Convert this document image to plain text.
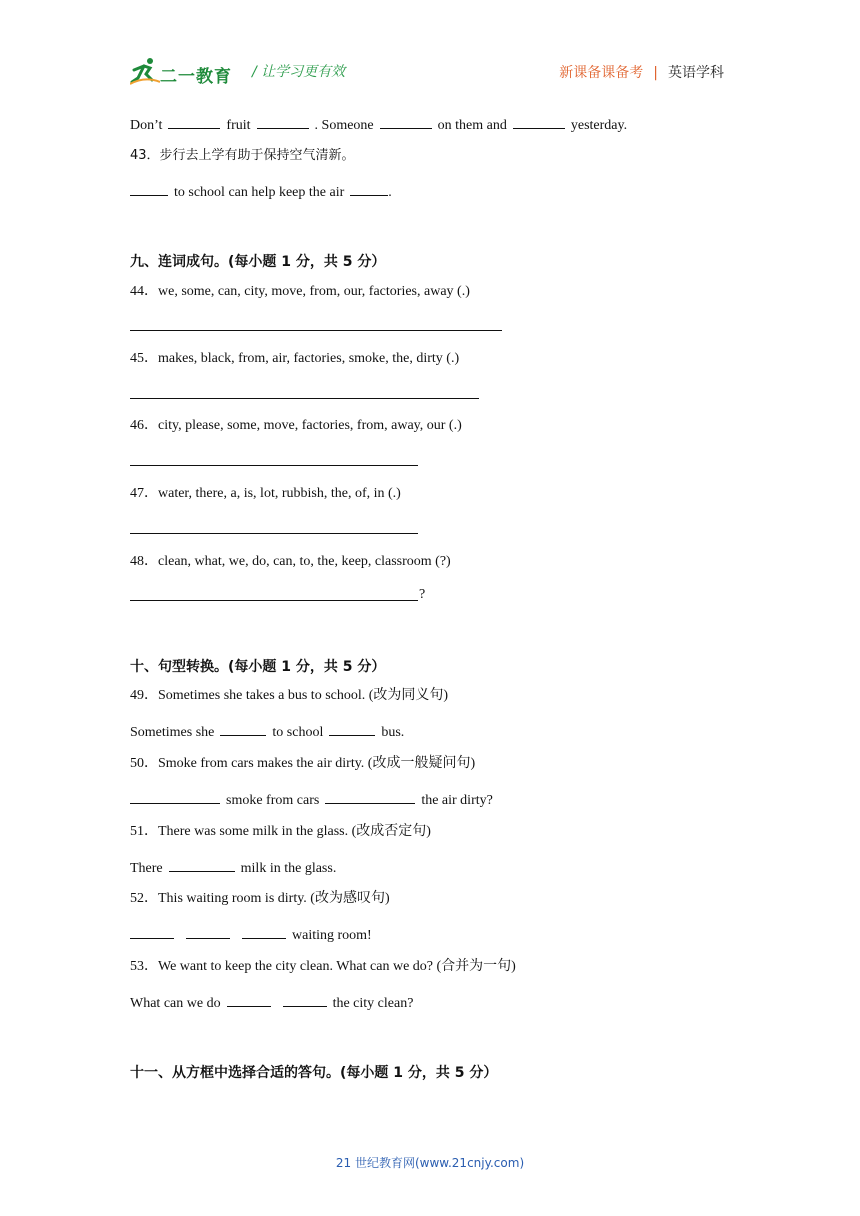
二一教育 / 让学习更有效	新课备课备考 | 英语学科
Don’t	fruit	. Someone	on them and	yesterday.
43．步行去上学有助于保持空气清新。
to school can help keep the air	.
九、连词成句。(每小题 1 分，共 5 分）
44．we, some, can, city, move, from, our, factories, away (.)
45．makes, black, from, air, factories, smoke, the, dirty (.)
46．city, please, some, move, factories, from, away, our (.)
47．water, there, a, is, lot, rubbish, the, of, in (.)
48．clean, what, we, do, can, to, the, keep, classroom (?)
?
十、句型转换。(每小题 1 分，共 5 分）
49．Sometimes she takes a bus to school. (改为同义句)
Sometimes she	to school	bus.
50．Smoke from cars makes the air dirty. (改成一般疑问句)
smoke from cars	the air dirty?
51．There was some milk in the glass. (改成否定句)
There	milk in the glass.
52．This waiting room is dirty. (改为感叹句)
waiting room!
53．We want to keep the city clean. What can we do? (合并为一句)
What can we do	the city clean?
十一、从方框中选择合适的答句。(每小题 1 分，共 5 分）
21 世纪教育网(www.21cnjy.com)
